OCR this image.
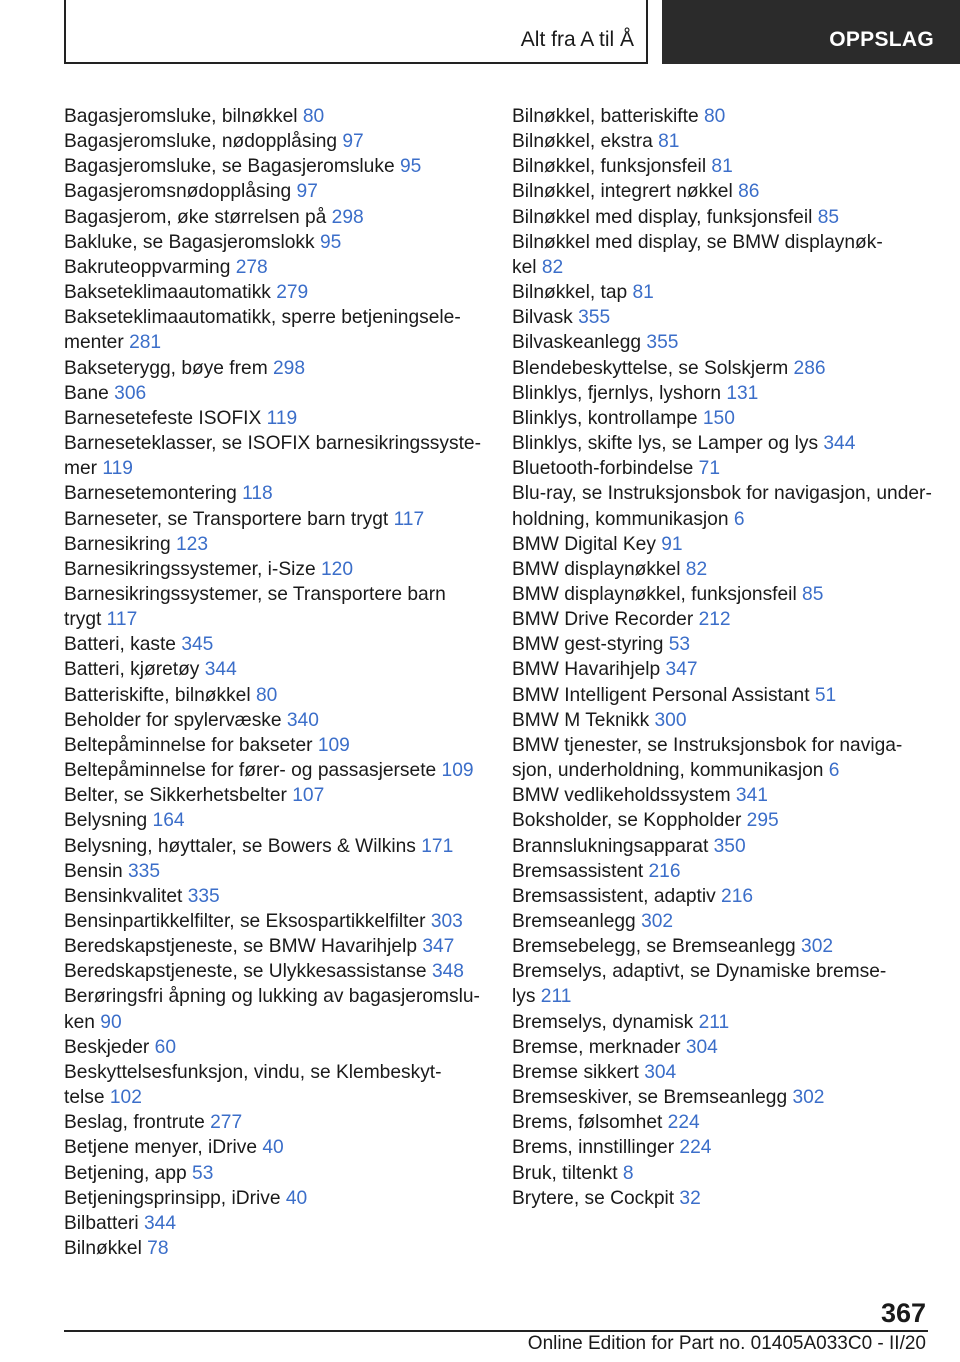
Alt fra A til Å	OPPSLAG
Bagasjeromsluke, bilnøkkel 80
Bagasjeromsluke, nødopplåsing 97
Bagasjeromsluke, se Bagasjeromsluke 95
Bagasjeromsnødopplåsing 97
Bagasjerom, øke størrelsen på 298
Bakluke, se Bagasjeromslokk 95
Bakruteoppvarming 278
Bakseteklimaautomatikk 279
Bakseteklimaautomatikk, sperre betjeningsele‐
menter 281
Bakseterygg, bøye frem 298
Bane 306
Barnesetefeste ISOFIX 119
Barneseteklasser, se ISOFIX barnesikringssyste‐
mer 119
Barnesetemontering 118
Barneseter, se Transportere barn trygt 117
Barnesikring 123
Barnesikringssystemer, i-Size 120
Barnesikringssystemer, se Transportere barn
trygt 117
Batteri, kaste 345
Batteri, kjøretøy 344
Batteriskifte, bilnøkkel 80
Beholder for spylervæske 340
Beltepåminnelse for bakseter 109
Beltepåminnelse for fører- og passasjersete 109
Belter, se Sikkerhetsbelter 107
Belysning 164
Belysning, høyttaler, se Bowers & Wilkins 171
Bensin 335
Bensinkvalitet 335
Bensinpartikkelfilter, se Eksospartikkelfilter 303
Beredskapstjeneste, se BMW Havarihjelp 347
Beredskapstjeneste, se Ulykkesassistanse 348
Berøringsfri åpning og lukking av bagasjeromslu‐
ken 90
Beskjeder 60
Beskyttelsesfunksjon, vindu, se Klembeskyt‐
telse 102
Beslag, frontrute 277
Betjene menyer, iDrive 40
Betjening, app 53
Betjeningsprinsipp, iDrive 40
Bilbatteri 344
Bilnøkkel 78
Bilnøkkel, batteriskifte 80
Bilnøkkel, ekstra 81
Bilnøkkel, funksjonsfeil 81
Bilnøkkel, integrert nøkkel 86
Bilnøkkel med display, funksjonsfeil 85
Bilnøkkel med display, se BMW displaynøk‐
kel 82
Bilnøkkel, tap 81
Bilvask 355
Bilvaskeanlegg 355
Blendebeskyttelse, se Solskjerm 286
Blinklys, fjernlys, lyshorn 131
Blinklys, kontrollampe 150
Blinklys, skifte lys, se Lamper og lys 344
Bluetooth-forbindelse 71
Blu-ray, se Instruksjonsbok for navigasjon, under‐
holdning, kommunikasjon 6
BMW Digital Key 91
BMW displaynøkkel 82
BMW displaynøkkel, funksjonsfeil 85
BMW Drive Recorder 212
BMW gest-styring 53
BMW Havarihjelp 347
BMW Intelligent Personal Assistant 51
BMW M Teknikk 300
BMW tjenester, se Instruksjonsbok for naviga‐
sjon, underholdning, kommunikasjon 6
BMW vedlikeholdssystem 341
Boksholder, se Koppholder 295
Brannslukningsapparat 350
Bremsassistent 216
Bremsassistent, adaptiv 216
Bremseanlegg 302
Bremsebelegg, se Bremseanlegg 302
Bremselys, adaptivt, se Dynamiske bremse‐
lys 211
Bremselys, dynamisk 211
Bremse, merknader 304
Bremse sikkert 304
Bremseskiver, se Bremseanlegg 302
Brems, følsomhet 224
Brems, innstillinger 224
Bruk, tiltenkt 8
Brytere, se Cockpit 32
367
Online Edition for Part no. 01405A033C0 - II/20
